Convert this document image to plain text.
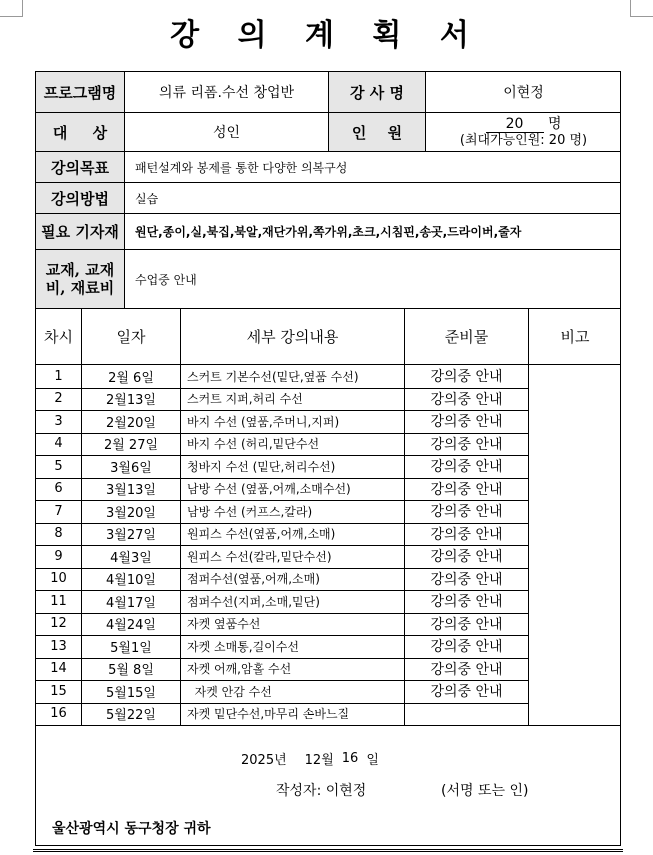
강 의 계 획 서
프로그램명	의류 리폼.수선 창업반	강 사 명	이현정
대 상	성인	인 원	20 명
(최대가능인원: 20 명)
강의목표	패턴설계와 봉제를 통한 다양한 의복구성
강의방법	실습
필요 기자재	원단,종이,실,북집,북알,재단가위,쪽가위,초크,시침핀,송곳,드라이버,줄자
교재, 교재비, 재료비	수업중 안내
차시	일자	세부 강의내용	준비물	비고
1	2월 6일	스커트 기본수선(밑단,옆품 수선)	강의중 안내
2	2월13일	스커트 지퍼,허리 수선	강의중 안내
3	2월20일	바지 수선 (옆품,주머니,지퍼)	강의중 안내
4	2월 27일	바지 수선 (허리,밑단수선	강의중 안내
5	3월6일	청바지 수선 (밑단,허리수선)	강의중 안내
6	3월13일	남방 수선 (옆품,어깨,소매수선)	강의중 안내
7	3월20일	남방 수선 (커프스,칼라)	강의중 안내
8	3월27일	원피스 수선(옆품,어깨,소매)	강의중 안내
9	4월3일	원피스 수선(칼라,밑단수선)	강의중 안내
10	4월10일	점퍼수선(옆품,어깨,소매)	강의중 안내
11	4월17일	점퍼수선(지퍼,소매,밑단)	강의중 안내
12	4월24일	자켓 옆품수선	강의중 안내
13	5월1일	자켓 소매통,길이수선	강의중 안내
14	5월 8일	자켓 어깨,암홀 수선	강의중 안내
15	5월15일	자켓 안감 수선	강의중 안내
16	5월22일	자켓 밑단수선,마무리 손바느질
2025년 12월 16 일
작성자: 이현정	(서명 또는 인)
울산광역시 동구청장 귀하
